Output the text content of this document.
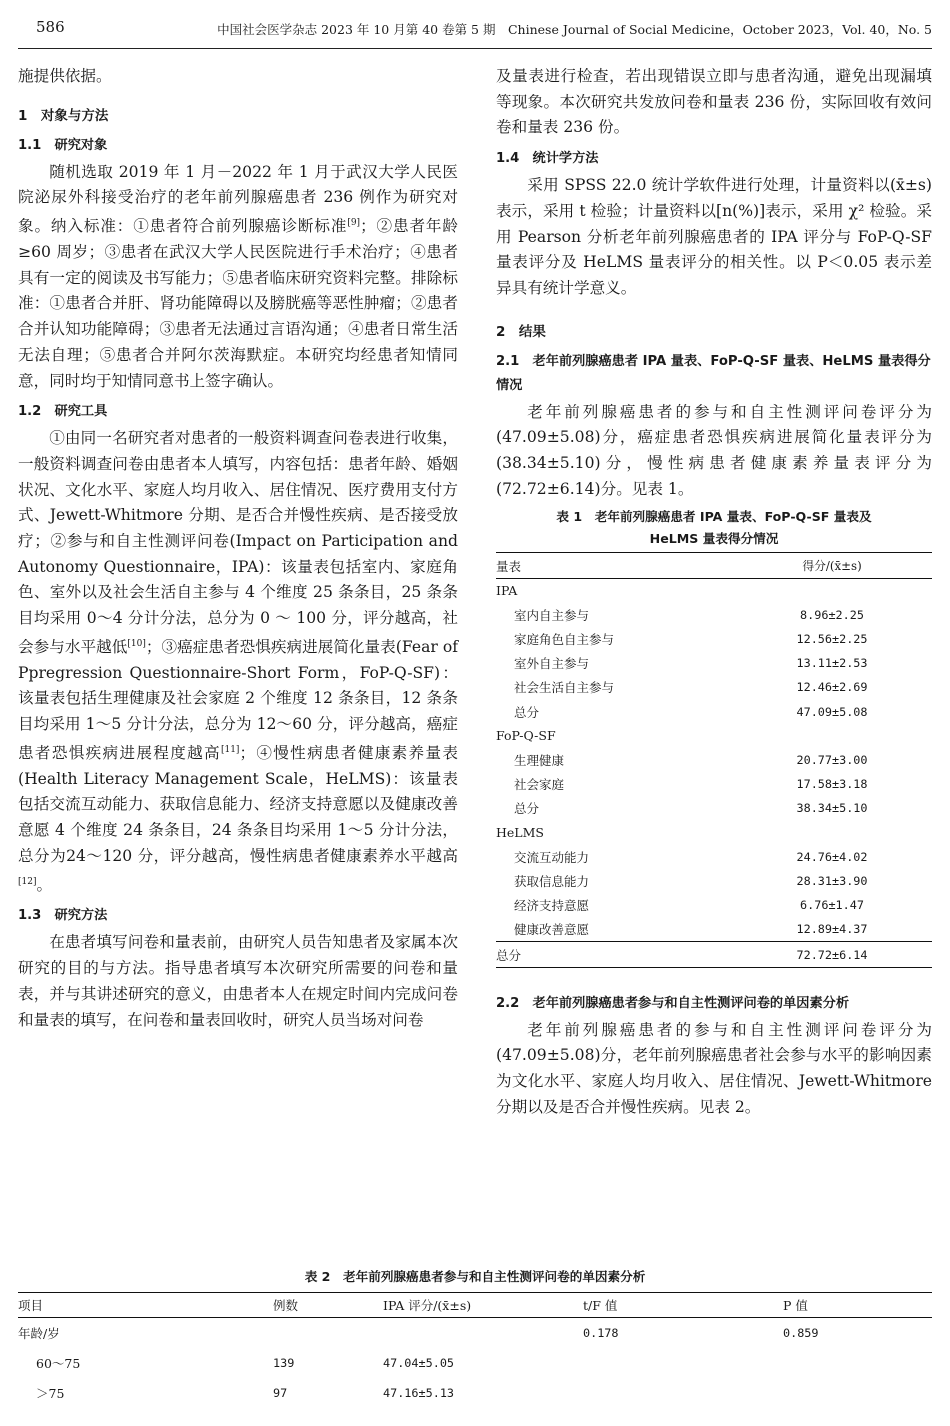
586	中国社会医学杂志 2023 年 10 月第 40 卷第 5 期　Chinese Journal of Social Medicine，October 2023，Vol. 40，No. 5

施提供依据。

1　对象与方法
1.1　研究对象

随机选取 2019 年 1 月－2022 年 1 月于武汉大学人民医院泌尿外科接受治疗的老年前列腺癌患者 236 例作为研究对象。纳入标准：①患者符合前列腺癌诊断标准[9]；②患者年龄≥60 周岁；③患者在武汉大学人民医院进行手术治疗；④患者具有一定的阅读及书写能力；⑤患者临床研究资料完整。排除标准：①患者合并肝、肾功能障碍以及膀胱癌等恶性肿瘤；②患者合并认知功能障碍；③患者无法通过言语沟通；④患者日常生活无法自理；⑤患者合并阿尔茨海默症。本研究均经患者知情同意，同时均于知情同意书上签字确认。

1.2　研究工具

①由同一名研究者对患者的一般资料调查问卷表进行收集，一般资料调查问卷由患者本人填写，内容包括：患者年龄、婚姻状况、文化水平、家庭人均月收入、居住情况、医疗费用支付方式、Jewett-Whitmore 分期、是否合并慢性疾病、是否接受放疗；②参与和自主性测评问卷(Impact on Participation and Autonomy Questionnaire，IPA)：该量表包括室内、家庭角色、室外以及社会生活自主参与 4 个维度 25 条条目，25 条条目均采用 0～4 分计分法，总分为 0 ～ 100 分，评分越高，社会参与水平越低[10]；③癌症患者恐惧疾病进展简化量表(Fear of Ppregression Questionnaire-Short Form，FoP-Q-SF)：该量表包括生理健康及社会家庭 2 个维度 12 条条目，12 条条目均采用 1～5 分计分法，总分为 12～60 分，评分越高，癌症患者恐惧疾病进展程度越高[11]；④慢性病患者健康素养量表(Health Literacy Management Scale，HeLMS)：该量表包括交流互动能力、获取信息能力、经济支持意愿以及健康改善意愿 4 个维度 24 条条目，24 条条目均采用 1～5 分计分法，总分为24～120 分，评分越高，慢性病患者健康素养水平越高[12]。

1.3　研究方法

在患者填写问卷和量表前，由研究人员告知患者及家属本次研究的目的与方法。指导患者填写本次研究所需要的问卷和量表，并与其讲述研究的意义，由患者本人在规定时间内完成问卷和量表的填写，在问卷和量表回收时，研究人员当场对问卷

及量表进行检查，若出现错误立即与患者沟通，避免出现漏填等现象。本次研究共发放问卷和量表 236 份，实际回收有效问卷和量表 236 份。

1.4　统计学方法

采用 SPSS 22.0 统计学软件进行处理，计量资料以(x̄±s)表示，采用 t 检验；计量资料以[n(%)]表示，采用 χ² 检验。采用 Pearson 分析老年前列腺癌患者的 IPA 评分与 FoP-Q-SF 量表评分及 HeLMS 量表评分的相关性。以 P＜0.05 表示差异具有统计学意义。

2　结果
2.1　老年前列腺癌患者 IPA 量表、FoP-Q-SF 量表、HeLMS 量表得分情况

老年前列腺癌患者的参与和自主性测评问卷评分为(47.09±5.08)分，癌症患者恐惧疾病进展简化量表评分为(38.34±5.10)分，慢性病患者健康素养量表评分为(72.72±6.14)分。见表 1。

表 1　老年前列腺癌患者 IPA 量表、FoP-Q-SF 量表及
HeLMS 量表得分情况
量表	得分/(x̄±s)
IPA	
室内自主参与	8.96±2.25
家庭角色自主参与	12.56±2.25
室外自主参与	13.11±2.53
社会生活自主参与	12.46±2.69
总分	47.09±5.08
FoP-Q-SF	
生理健康	20.77±3.00
社会家庭	17.58±3.18
总分	38.34±5.10
HeLMS	
交流互动能力	24.76±4.02
获取信息能力	28.31±3.90
经济支持意愿	6.76±1.47
健康改善意愿	12.89±4.37
总分	72.72±6.14
2.2　老年前列腺癌患者参与和自主性测评问卷的单因素分析

老年前列腺癌患者的参与和自主性测评问卷评分为(47.09±5.08)分，老年前列腺癌患者社会参与水平的影响因素为文化水平、家庭人均月收入、居住情况、Jewett-Whitmore 分期以及是否合并慢性疾病。见表 2。

表 2　老年前列腺癌患者参与和自主性测评问卷的单因素分析
项目	例数	IPA 评分/(x̄±s)	t/F 值	P 值
年龄/岁			0.178	0.859
60～75	139	47.04±5.05		
＞75	97	47.16±5.13		
